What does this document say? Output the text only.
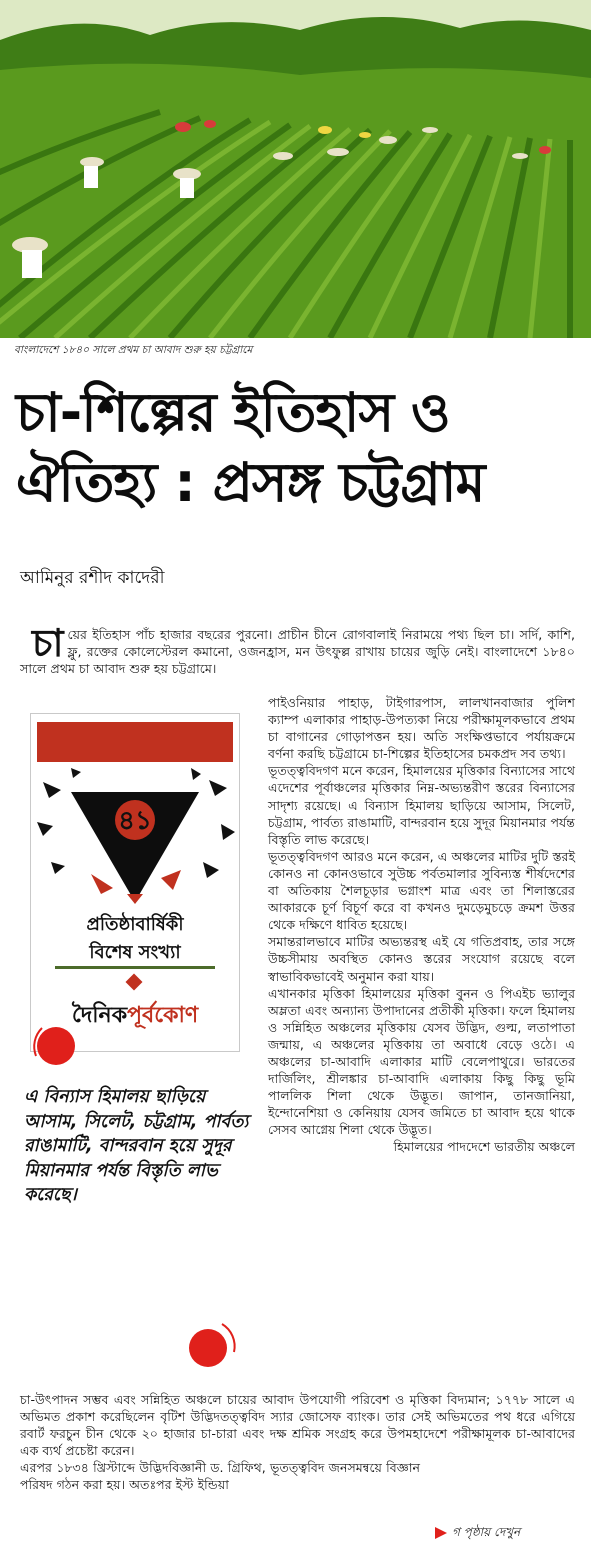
বাংলাদেশে ১৮৪০ সালে প্রথম চা আবাদ শুরু হয় চট্টগ্রামে
চা-শিল্পের ইতিহাস ও
ঐতিহ্য : প্রসঙ্গ চট্টগ্রাম
আমিনুর রশীদ কাদেরী
চা য়ের ইতিহাস পাঁচ হাজার বছরের পুরনো। প্রাচীন চীনে রোগবালাই নিরাময়ে পথ্য ছিল চা। সর্দি, কাশি, ফ্লু, রক্তের কোলেস্টেরল কমানো, ওজনহ্রাস, মন উৎফুল্ল রাখায় চায়ের জুড়ি নেই। বাংলাদেশে ১৮৪০ সালে প্রথম চা আবাদ শুরু হয় চট্টগ্রামে।
৪১
প্রতিষ্ঠাবার্ষিকী
বিশেষ সংখ্যা
দৈনিকপূর্বকোণ

পাইওনিয়ার পাহাড়, টাইগারপাস, লালখানবাজার পুলিশ ক্যাম্প এলাকার পাহাড়-উপত্যকা নিয়ে পরীক্ষামূলকভাবে প্রথম চা বাগানের গোড়াপত্তন হয়। অতি সংক্ষিপ্তভাবে পর্যায়ক্রমে বর্ণনা করছি চট্টগ্রামে চা-শিল্পের ইতিহাসের চমকপ্রদ সব তথ্য।

ভূতত্ত্ববিদগণ মনে করেন, হিমালয়ের মৃত্তিকার বিন্যাসের সাথে এদেশের পূর্বাঞ্চলের মৃত্তিকার নিম্ন-অভ্যন্তরীণ স্তরের বিন্যাসের সাদৃশ্য রয়েছে। এ বিন্যাস হিমালয় ছাড়িয়ে আসাম, সিলেট, চট্টগ্রাম, পার্বত্য রাঙামাটি, বান্দরবান হয়ে সুদূর মিয়ানমার পর্যন্ত বিস্তৃতি লাভ করেছে।

ভূতত্ত্ববিদগণ আরও মনে করেন, এ অঞ্চলের মাটির দুটি স্তরই কোনও না কোনওভাবে সুউচ্চ পর্বতমালার সুবিন্যস্ত শীর্ষদেশের বা অতিকায় শৈলচূড়ার ভগ্নাংশ মাত্র এবং তা শিলাস্তরের আকারকে চূর্ণ বিচূর্ণ করে বা কখনও দুমড়েমুচড়ে ক্রমশ উত্তর থেকে দক্ষিণে ধাবিত হয়েছে।

সমান্তরালভাবে মাটির অভ্যন্তরস্থ এই যে গতিপ্রবাহ, তার সঙ্গে উচ্চসীমায় অবস্থিত কোনও স্তরের সংযোগ রয়েছে বলে স্বাভাবিকভাবেই অনুমান করা যায়।

এখানকার মৃত্তিকা হিমালয়ের মৃত্তিকা বুনন ও পিএইচ ভ্যালুর অম্লতা এবং অন্যান্য উপাদানের প্রতীকী মৃত্তিকা। ফলে হিমালয় ও সন্নিহিত অঞ্চলের মৃত্তিকায় যেসব উদ্ভিদ, গুল্ম, লতাপাতা জন্মায়, এ অঞ্চলের মৃত্তিকায় তা অবাধে বেড়ে ওঠে। এ অঞ্চলের চা-আবাদি এলাকার মাটি বেলেপাথুরে। ভারতের দার্জিলিং, শ্রীলঙ্কার চা-আবাদি এলাকায় কিছু কিছু ভূমি পাললিক শিলা থেকে উদ্ভূত। জাপান, তানজানিয়া, ইন্দোনেশিয়া ও কেনিয়ায় যেসব জমিতে চা আবাদ হয়ে থাকে সেসব আগ্নেয় শিলা থেকে উদ্ভূত।

হিমালয়ের পাদদেশে ভারতীয় অঞ্চলে

এ বিন্যাস হিমালয় ছাড়িয়ে আসাম, সিলেট, চট্টগ্রাম, পার্বত্য রাঙামাটি, বান্দরবান হয়ে সুদূর মিয়ানমার পর্যন্ত বিস্তৃতি লাভ করেছে।

চা-উৎপাদন সম্ভব এবং সন্নিহিত অঞ্চলে চায়ের আবাদ উপযোগী পরিবেশ ও মৃত্তিকা বিদ্যমান; ১৭৭৮ সালে এ অভিমত প্রকাশ করেছিলেন বৃটিশ উদ্ভিদতত্ত্ববিদ স্যার জোসেফ ব্যাংক। তার সেই অভিমতের পথ ধরে এগিয়ে রবার্ট ফরচুন চীন থেকে ২০ হাজার চা-চারা এবং দক্ষ শ্রমিক সংগ্রহ করে উপমহাদেশে পরীক্ষামূলক চা-আবাদের এক ব্যর্থ প্রচেষ্টা করেন।

এরপর ১৮৩৪ খ্রিস্টাব্দে উদ্ভিদবিজ্ঞানী ড. গ্রিফিথ, ভূতত্ত্ববিদ জনসমন্বয়ে বিজ্ঞান পরিষদ গঠন করা হয়। অতঃপর ইস্ট ইন্ডিয়া

গ পৃষ্ঠায় দেখুন
